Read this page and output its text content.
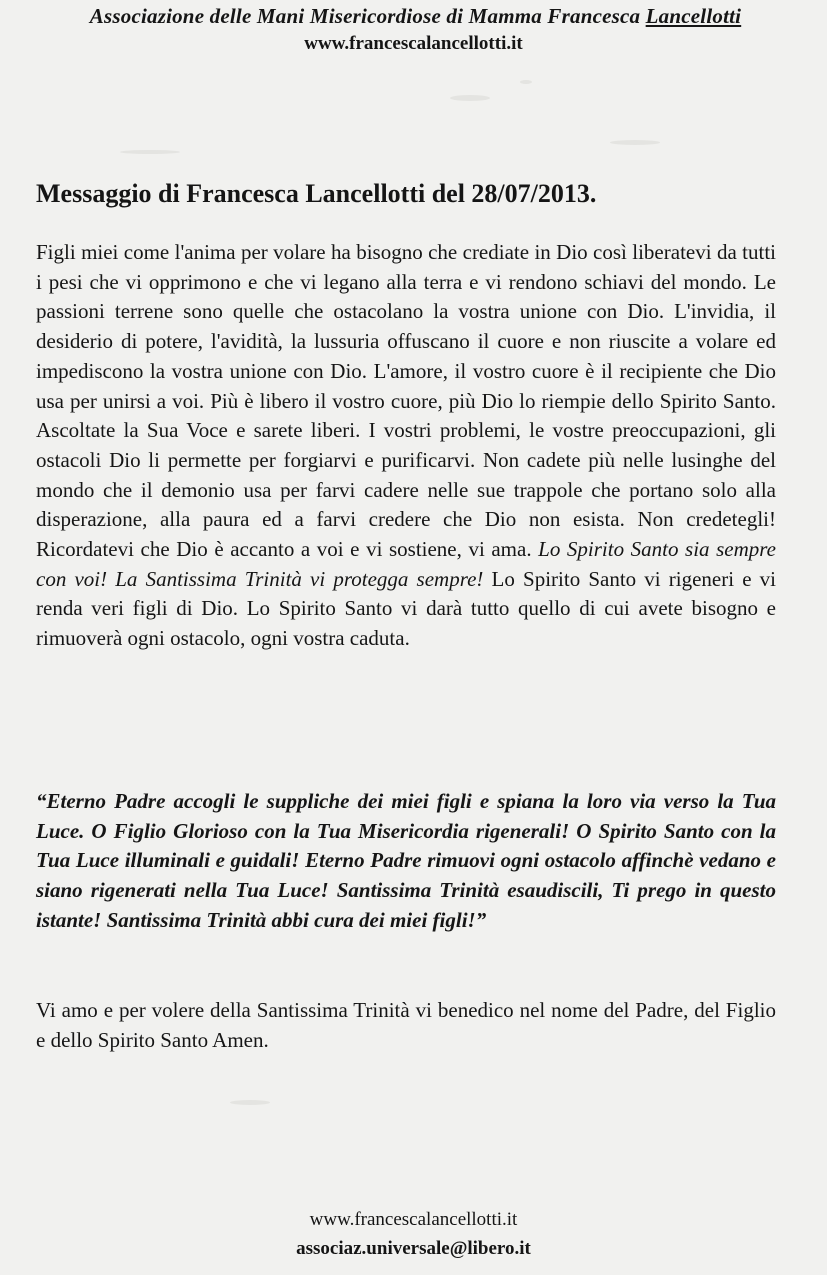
Associazione delle Mani Misericordiose di Mamma Francesca Lancellotti
www.francescalancellotti.it
Messaggio di Francesca Lancellotti del 28/07/2013.
Figli miei come l'anima per volare ha bisogno che crediate in Dio così liberatevi da tutti i pesi che vi opprimono e che vi legano alla terra e vi rendono schiavi del mondo. Le passioni terrene sono quelle che ostacolano la vostra unione con Dio. L'invidia, il desiderio di potere, l'avidità, la lussuria offuscano il cuore e non riuscite a volare ed impediscono la vostra unione con Dio. L'amore, il vostro cuore è il recipiente che Dio usa per unirsi a voi. Più è libero il vostro cuore, più Dio lo riempie dello Spirito Santo. Ascoltate la Sua Voce e sarete liberi. I vostri problemi, le vostre preoccupazioni, gli ostacoli Dio li permette per forgiarvi e purificarvi. Non cadete più nelle lusinghe del mondo che il demonio usa per farvi cadere nelle sue trappole che portano solo alla disperazione, alla paura ed a farvi credere che Dio non esista. Non credetegli! Ricordatevi che Dio è accanto a voi e vi sostiene, vi ama. Lo Spirito Santo sia sempre con voi! La Santissima Trinità vi protegga sempre! Lo Spirito Santo vi rigeneri e vi renda veri figli di Dio. Lo Spirito Santo vi darà tutto quello di cui avete bisogno e rimuoverà ogni ostacolo, ogni vostra caduta.
“Eterno Padre accogli le suppliche dei miei figli e spiana la loro via verso la Tua Luce. O Figlio Glorioso con la Tua Misericordia rigenerali! O Spirito Santo con la Tua Luce illuminali e guidali! Eterno Padre rimuovi ogni ostacolo affinchè vedano e siano rigenerati nella Tua Luce! Santissima Trinità esaudiscili, Ti prego in questo istante! Santissima Trinità abbi cura dei miei figli!”
Vi amo e per volere della Santissima Trinità vi benedico nel nome del Padre, del Figlio e dello Spirito Santo Amen.
www.francescalancellotti.it
associaz.universale@libero.it
